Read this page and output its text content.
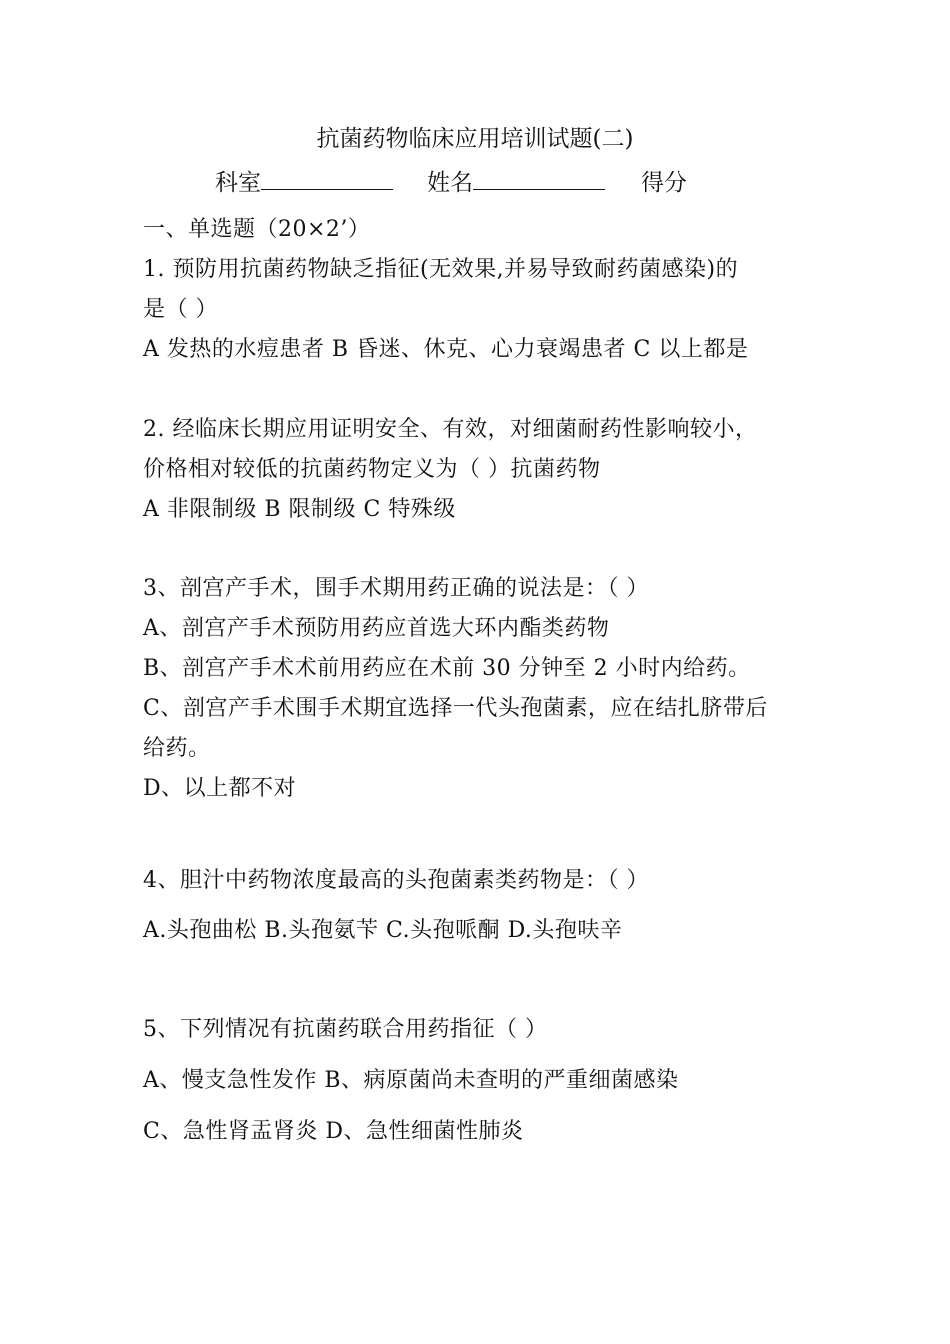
抗菌药物临床应用培训试题(二)
科室	姓名	得分
一、单选题（20×2’）
1. 预防用抗菌药物缺乏指征(无效果,并易导致耐药菌感染)的
是（ ）
A 发热的水痘患者 B 昏迷、休克、心力衰竭患者 C 以上都是
2. 经临床长期应用证明安全、有效，对细菌耐药性影响较小，
价格相对较低的抗菌药物定义为（ ）抗菌药物
A 非限制级 B 限制级 C 特殊级
3、剖宫产手术，围手术期用药正确的说法是：（ ）
A、剖宫产手术预防用药应首选大环内酯类药物
B、剖宫产手术术前用药应在术前 30 分钟至 2 小时内给药。
C、剖宫产手术围手术期宜选择一代头孢菌素，应在结扎脐带后
给药。
D、以上都不对
4、胆汁中药物浓度最高的头孢菌素类药物是：（ ）
A.头孢曲松 B.头孢氨苄 C.头孢哌酮 D.头孢呋辛
5、下列情况有抗菌药联合用药指征（ ）
A、慢支急性发作 B、病原菌尚未查明的严重细菌感染
C、急性肾盂肾炎 D、急性细菌性肺炎
